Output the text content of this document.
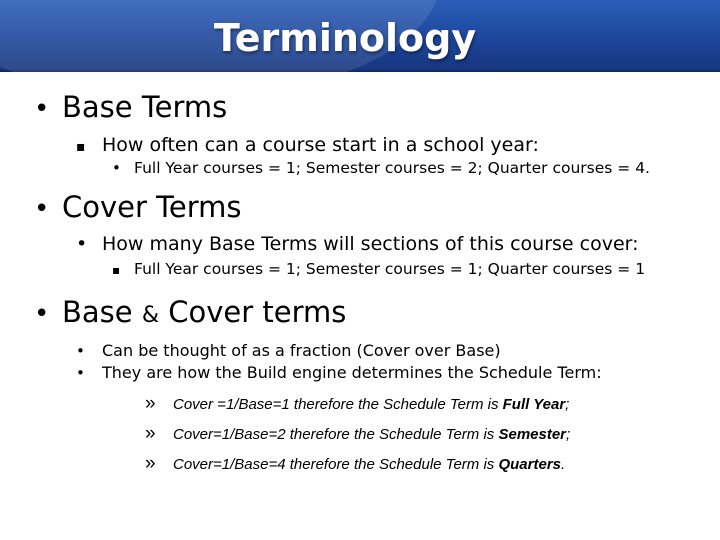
Terminology
• Base Terms
▪ How often can a course start in a school year:
• Full Year courses = 1; Semester courses = 2; Quarter courses = 4.
• Cover Terms
• How many Base Terms will sections of this course cover:
▪ Full Year courses = 1; Semester courses = 1; Quarter courses = 1
• Base & Cover terms
• Can be thought of as a fraction (Cover over Base)
• They are how the Build engine determines the Schedule Term:
» Cover =1/Base=1 therefore the Schedule Term is Full Year;
» Cover=1/Base=2 therefore the Schedule Term is Semester;
» Cover=1/Base=4 therefore the Schedule Term is Quarters.
